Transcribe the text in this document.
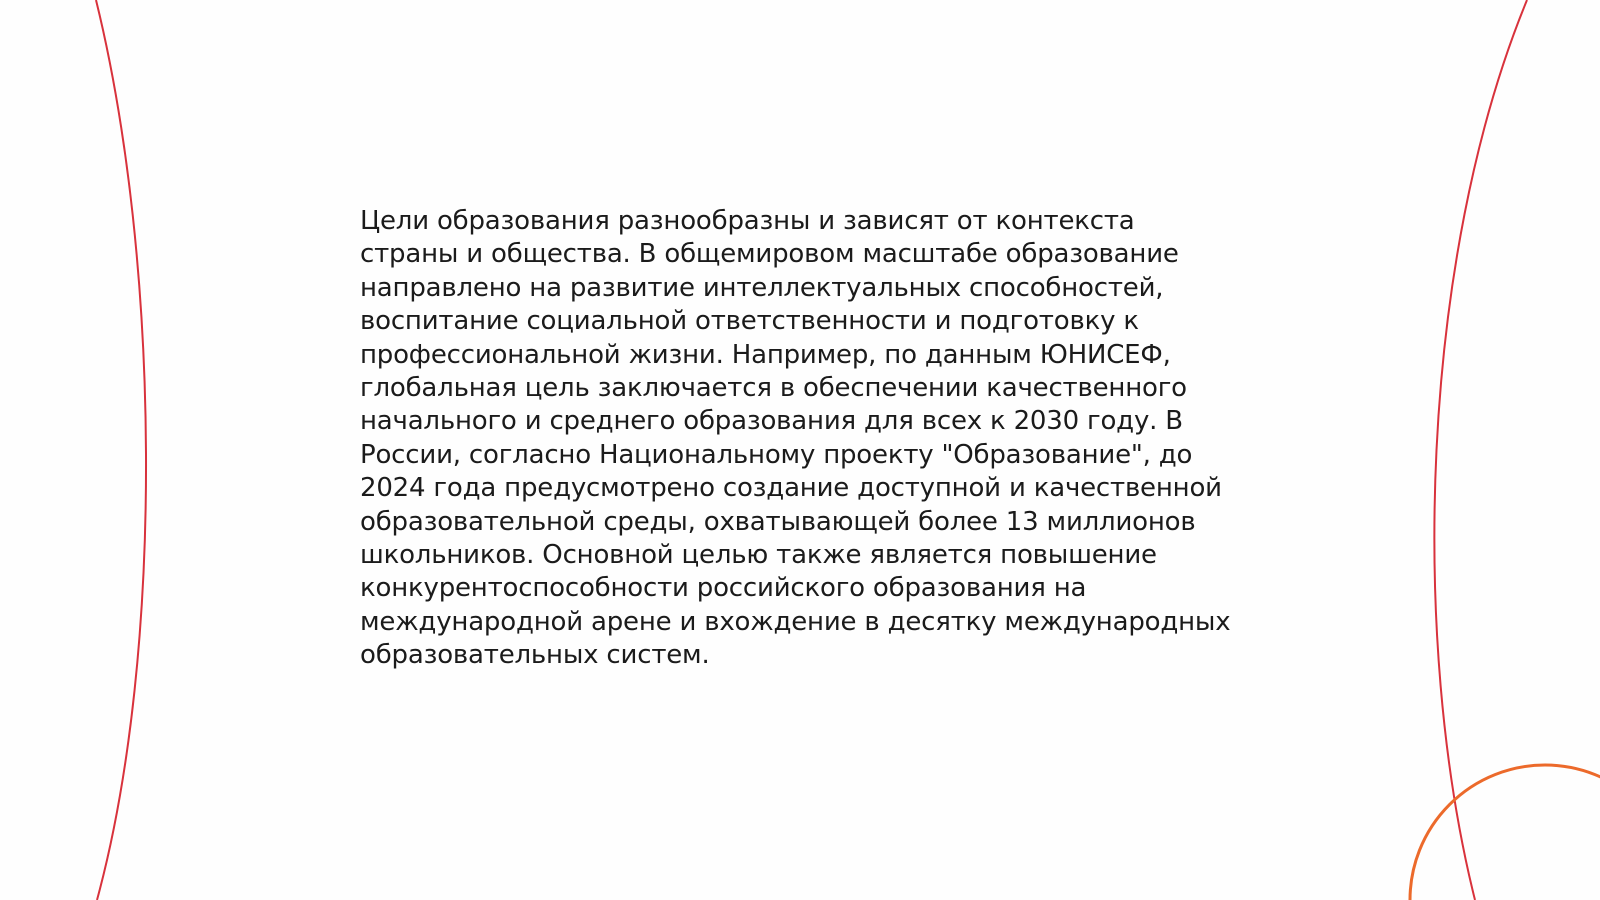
Цели образования разнообразны и зависят от контекста страны и общества. В общемировом масштабе образование направлено на развитие интеллектуальных способностей, воспитание социальной ответственности и подготовку к профессиональной жизни. Например, по данным ЮНИСЕФ, глобальная цель заключается в обеспечении качественного начального и среднего образования для всех к 2030 году. В России, согласно Национальному проекту "Образование", до 2024 года предусмотрено создание доступной и качественной образовательной среды, охватывающей более 13 миллионов школьников. Основной целью также является повышение конкурентоспособности российского образования на международной арене и вхождение в десятку международных образовательных систем.
